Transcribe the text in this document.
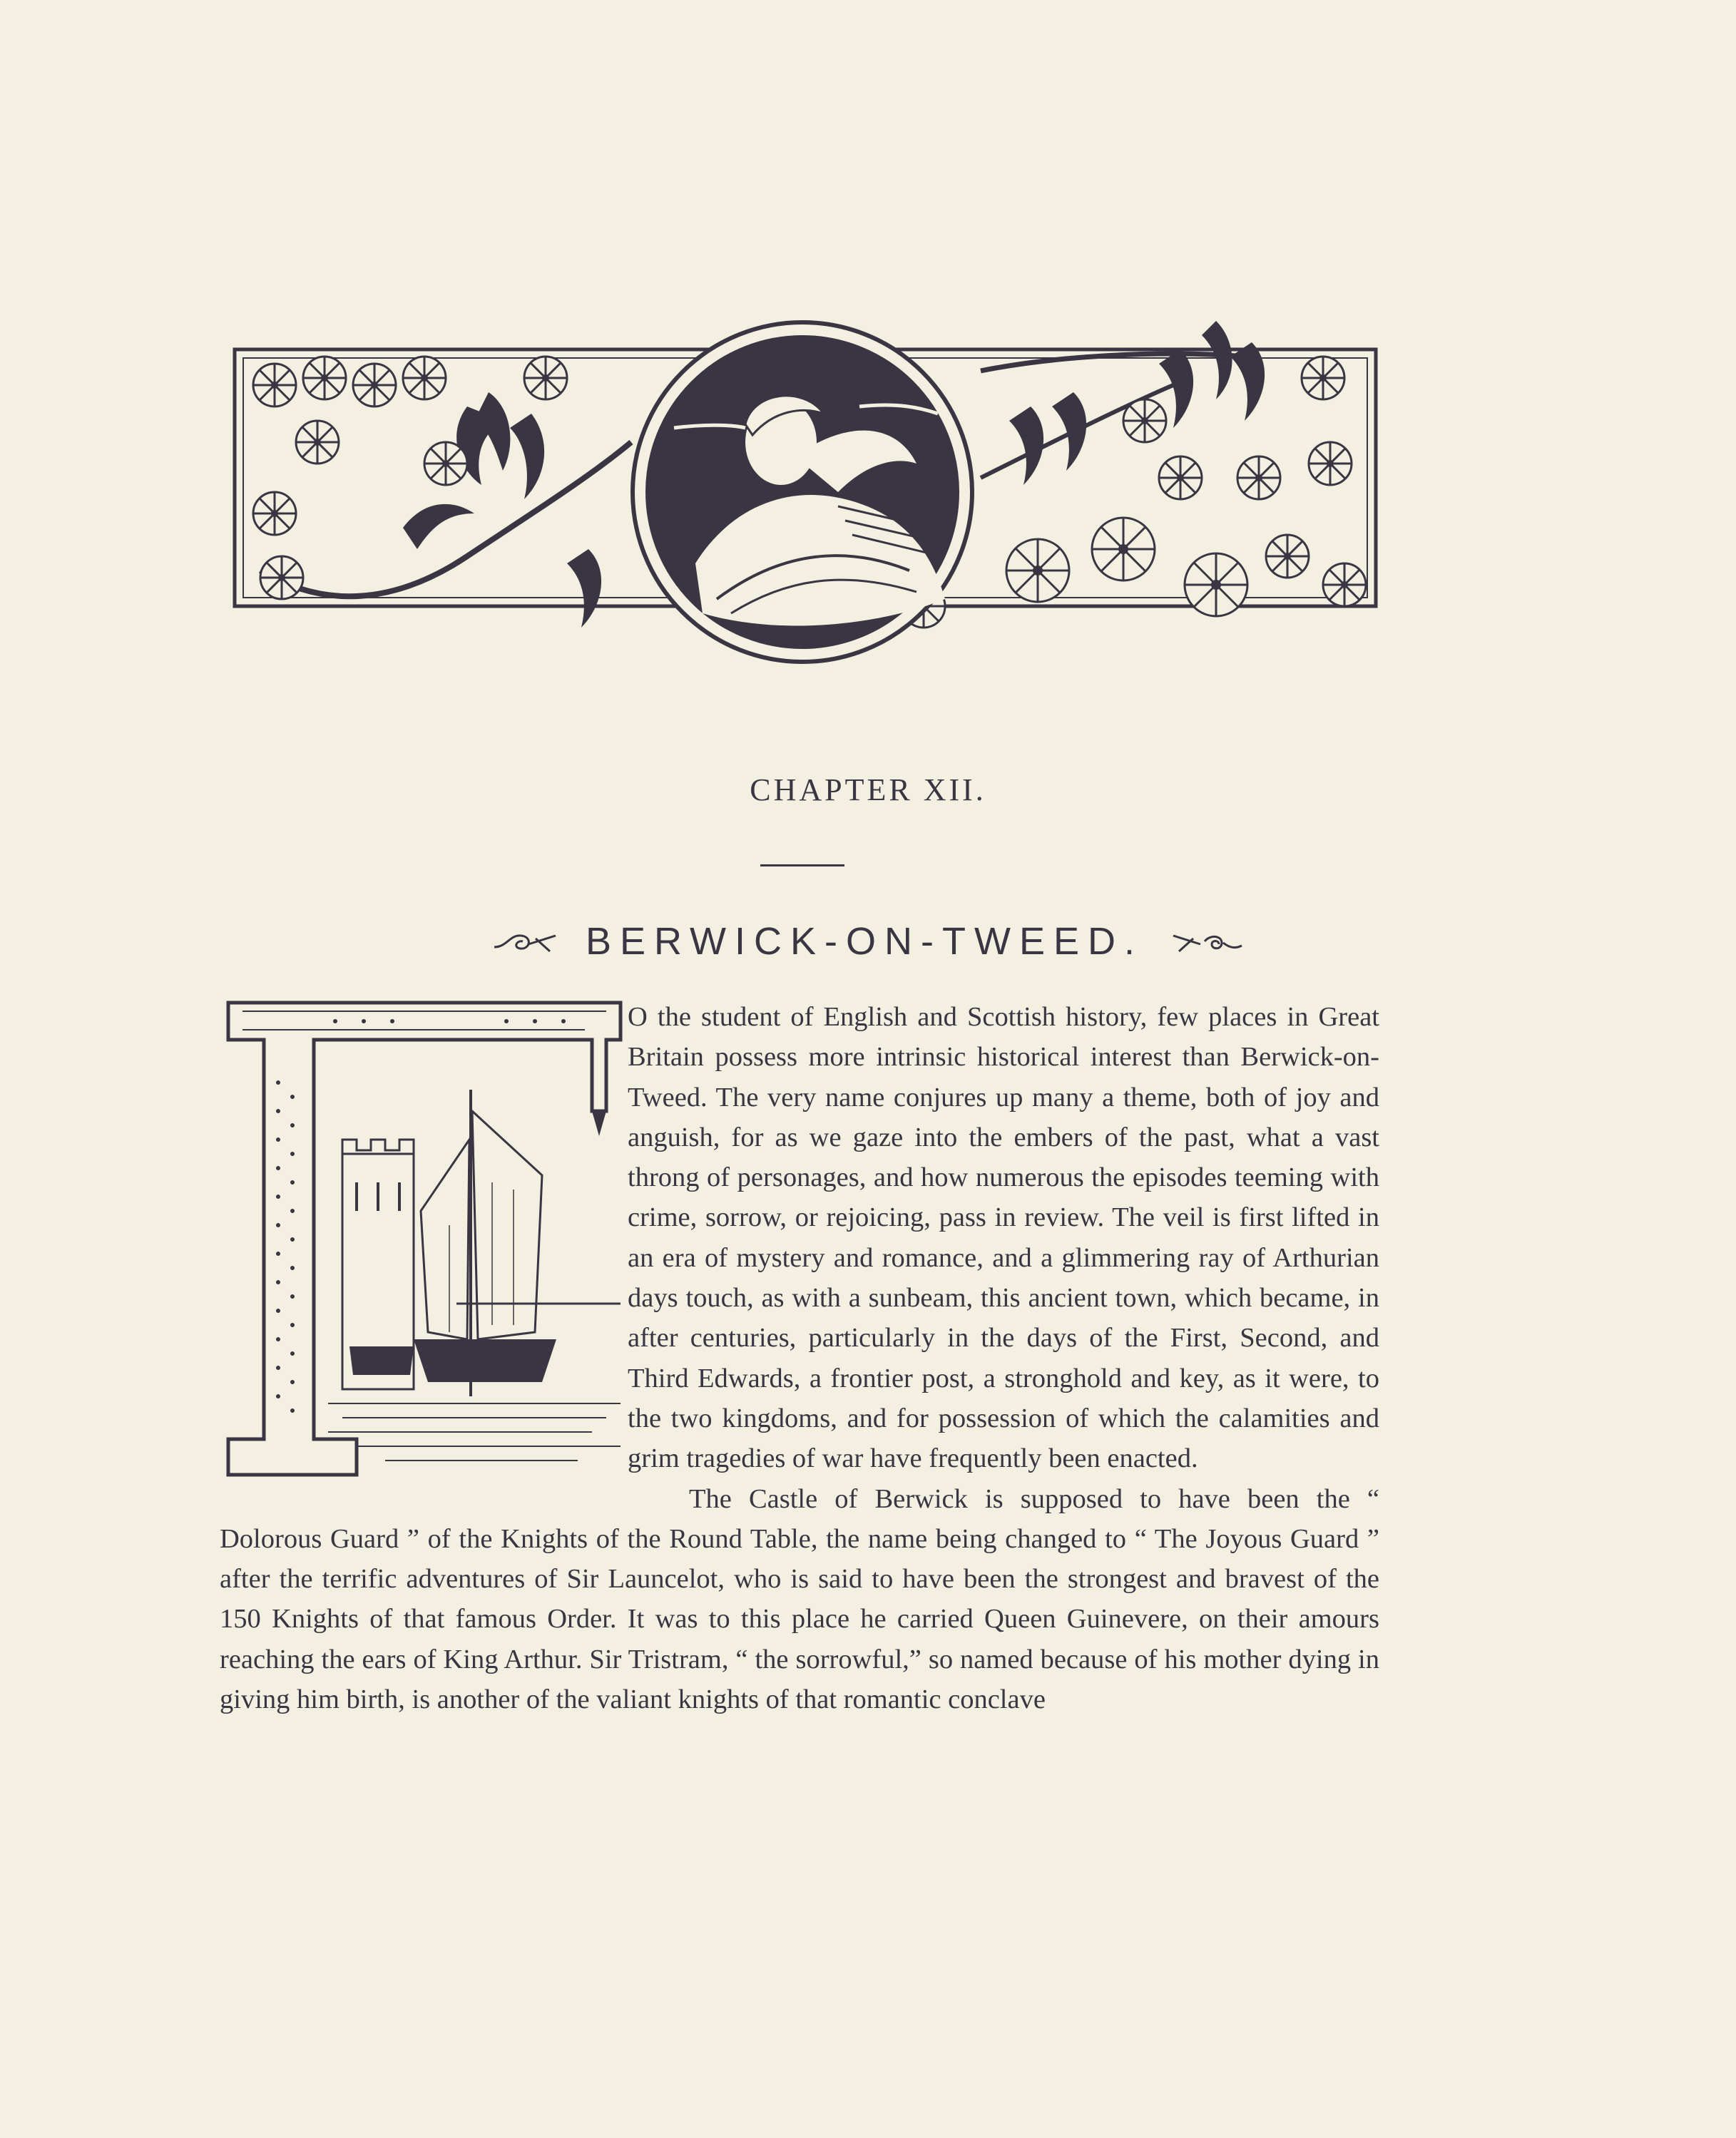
CHAPTER XII.
BERWICK-ON-TWEED.

O the student of English and Scottish history, few places in Great Britain possess more intrinsic historical interest than Berwick-on-Tweed. The very name conjures up many a theme, both of joy and anguish, for as we gaze into the embers of the past, what a vast throng of personages, and how numerous the episodes teeming with crime, sorrow, or rejoicing, pass in review. The veil is first lifted in an era of mystery and romance, and a glimmering ray of Arthurian days touch, as with a sunbeam, this ancient town, which became, in after centuries, particularly in the days of the First, Second, and Third Edwards, a frontier post, a stronghold and key, as it were, to the two kingdoms, and for possession of which the calamities and grim tragedies of war have frequently been enacted.

The Castle of Berwick is supposed to have been the “ Dolorous Guard ” of the Knights of the Round Table, the name being changed to “ The Joyous Guard ” after the terrific adventures of Sir Launcelot, who is said to have been the strongest and bravest of the 150 Knights of that famous Order. It was to this place he carried Queen Guinevere, on their amours reaching the ears of King Arthur. Sir Tristram, “ the sorrowful,” so named because of his mother dying in giving him birth, is another of the valiant knights of that romantic conclave
